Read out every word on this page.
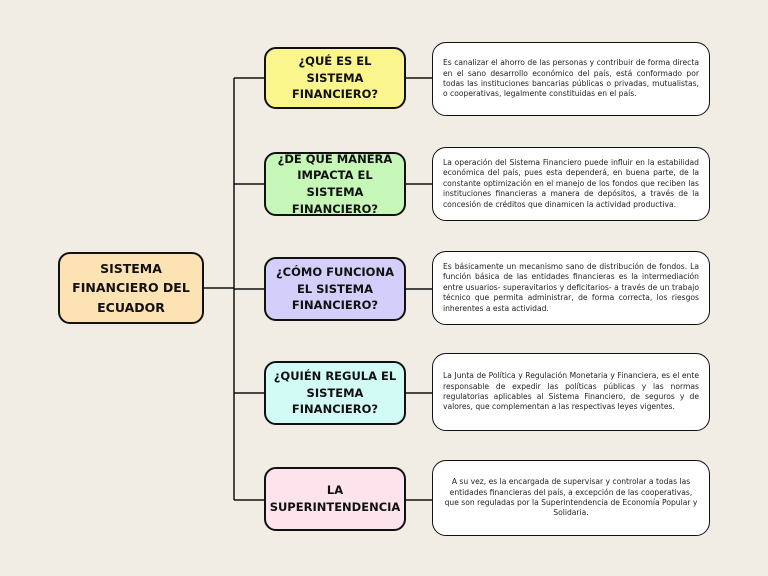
SISTEMA FINANCIERO DEL ECUADOR
¿QUÉ ES EL SISTEMA FINANCIERO?
Es canalizar el ahorro de las personas y contribuir de forma directa en el sano desarrollo económico del país, está conformado por todas las instituciones bancarias públicas o privadas, mutualistas, o cooperativas, legalmente constituidas en el país.
¿DE QUE MANERA IMPACTA EL SISTEMA FINANCIERO?
La operación del Sistema Financiero puede influir en la estabilidad económica del país, pues esta dependerá, en buena parte, de la constante optimización en el manejo de los fondos que reciben las instituciones financieras a manera de depósitos, a través de la concesión de créditos que dinamicen la actividad productiva.
¿CÓMO FUNCIONA EL SISTEMA FINANCIERO?
Es básicamente un mecanismo sano de distribución de fondos. La función básica de las entidades financieras es la intermediación entre usuarios- superavitarios y deficitarios- a través de un trabajo técnico que permita administrar, de forma correcta, los riesgos inherentes a esta actividad.
¿QUIÉN REGULA EL SISTEMA FINANCIERO?
La Junta de Política y Regulación Monetaria y Financiera, es el ente responsable de expedir las políticas públicas y las normas regulatorias aplicables al Sistema Financiero, de seguros y de valores, que complementan a las respectivas leyes vigentes.
LA SUPERINTENDENCIA
A su vez, es la encargada de supervisar y controlar a todas las entidades financieras del país, a excepción de las cooperativas, que son reguladas por la Superintendencia de Economía Popular y Solidaria.
